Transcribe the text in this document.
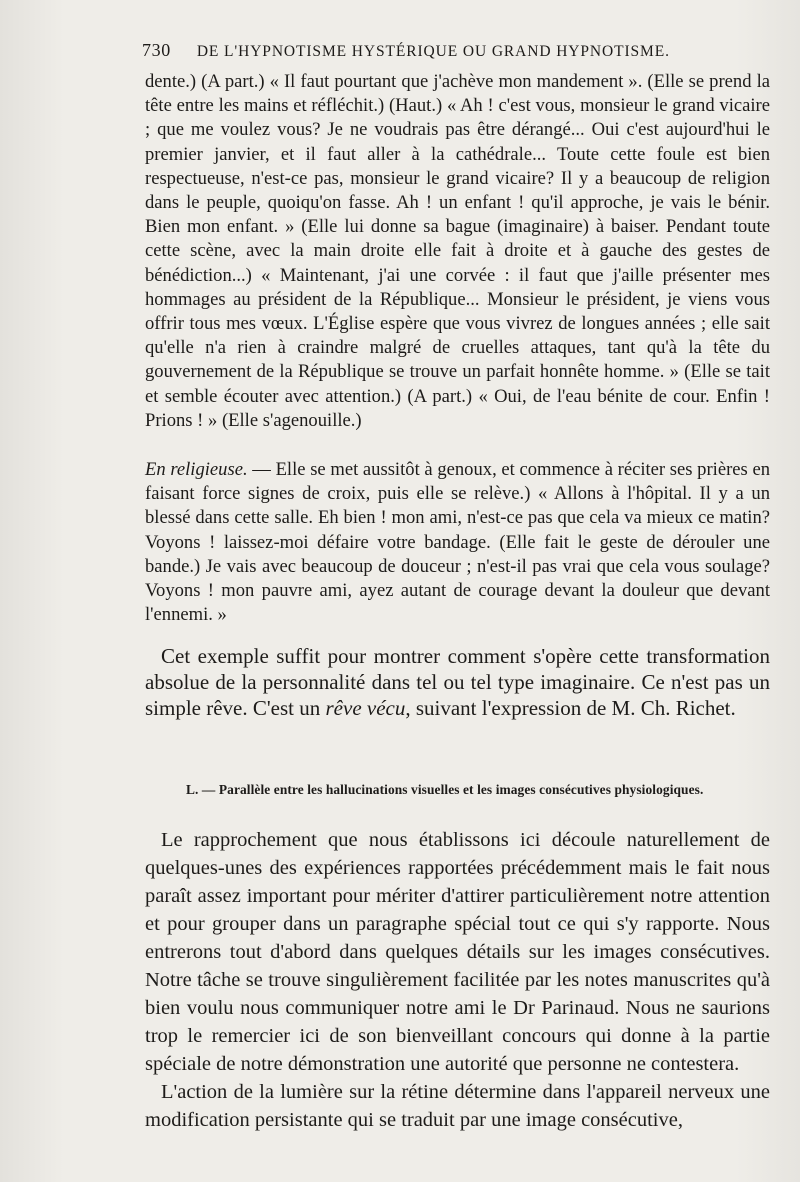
730 DE L'HYPNOTISME HYSTÉRIQUE OU GRAND HYPNOTISME.

dente.) (A part.) « Il faut pourtant que j'achève mon mandement ». (Elle se prend la tête entre les mains et réfléchit.) (Haut.) « Ah ! c'est vous, monsieur le grand vicaire ; que me voulez vous? Je ne voudrais pas être dérangé... Oui c'est aujourd'hui le premier janvier, et il faut aller à la cathédrale... Toute cette foule est bien respectueuse, n'est-ce pas, monsieur le grand vicaire? Il y a beaucoup de religion dans le peuple, quoiqu'on fasse. Ah ! un enfant ! qu'il approche, je vais le bénir. Bien mon enfant. » (Elle lui donne sa bague (imaginaire) à baiser. Pendant toute cette scène, avec la main droite elle fait à droite et à gauche des gestes de bénédiction...) « Maintenant, j'ai une corvée : il faut que j'aille présenter mes hommages au président de la République... Monsieur le président, je viens vous offrir tous mes vœux. L'Église espère que vous vivrez de longues années ; elle sait qu'elle n'a rien à craindre malgré de cruelles attaques, tant qu'à la tête du gouvernement de la République se trouve un parfait honnête homme. » (Elle se tait et semble écouter avec attention.) (A part.) « Oui, de l'eau bénite de cour. Enfin ! Prions ! » (Elle s'agenouille.)

En religieuse. — Elle se met aussitôt à genoux, et commence à réciter ses prières en faisant force signes de croix, puis elle se relève.) « Allons à l'hôpital. Il y a un blessé dans cette salle. Eh bien ! mon ami, n'est-ce pas que cela va mieux ce matin? Voyons ! laissez-moi défaire votre bandage. (Elle fait le geste de dérouler une bande.) Je vais avec beaucoup de douceur ; n'est-il pas vrai que cela vous soulage? Voyons ! mon pauvre ami, ayez autant de courage devant la douleur que devant l'ennemi. »

Cet exemple suffit pour montrer comment s'opère cette transformation absolue de la personnalité dans tel ou tel type imaginaire. Ce n'est pas un simple rêve. C'est un rêve vécu, suivant l'expression de M. Ch. Richet.

L. — Parallèle entre les hallucinations visuelles et les images consécutives physiologiques.

Le rapprochement que nous établissons ici découle naturellement de quelques-unes des expériences rapportées précédemment mais le fait nous paraît assez important pour mériter d'attirer particulièrement notre attention et pour grouper dans un paragraphe spécial tout ce qui s'y rapporte. Nous entrerons tout d'abord dans quelques détails sur les images consécutives. Notre tâche se trouve singulièrement facilitée par les notes manuscrites qu'à bien voulu nous communiquer notre ami le Dr Parinaud. Nous ne saurions trop le remercier ici de son bienveillant concours qui donne à la partie spéciale de notre démonstration une autorité que personne ne contestera.

L'action de la lumière sur la rétine détermine dans l'appareil nerveux une modification persistante qui se traduit par une image consécutive,
